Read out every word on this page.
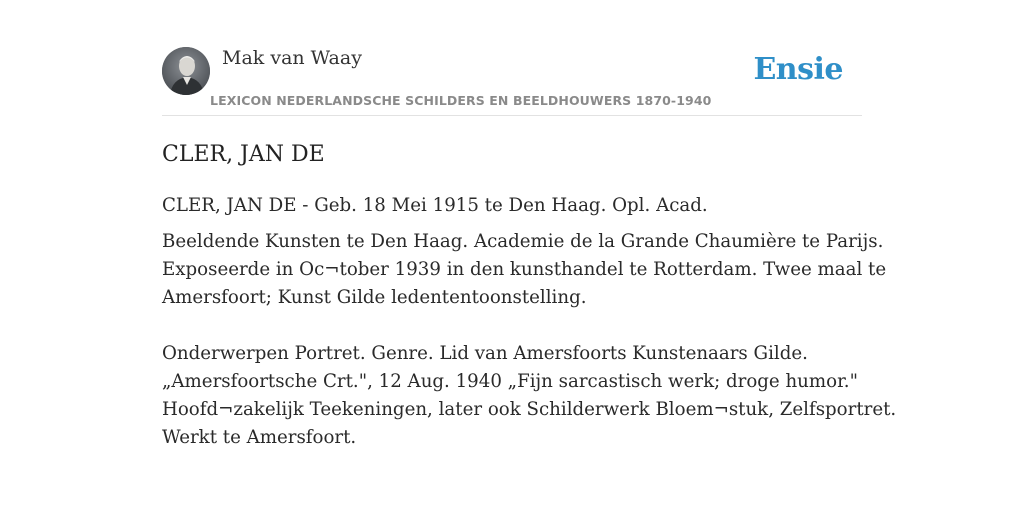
Mak van Waay	Ensie
LEXICON NEDERLANDSCHE SCHILDERS EN BEELDHOUWERS 1870-1940
CLER, JAN DE

CLER, JAN DE - Geb. 18 Mei 1915 te Den Haag. Opl. Acad.

Beeldende Kunsten te Den Haag. Academie de la Grande Chaumière te Parijs.

Exposeerde in Oc¬tober 1939 in den kunsthandel te Rotterdam. Twee maal te

Amersfoort; Kunst Gilde ledententoonstelling.

Onderwerpen Portret. Genre. Lid van Amersfoorts Kunstenaars Gilde.

„Amersfoortsche Crt.", 12 Aug. 1940 „Fijn sarcastisch werk; droge humor."

Hoofd¬zakelijk Teekeningen, later ook Schilderwerk Bloem¬stuk, Zelfsportret.

Werkt te Amersfoort.
